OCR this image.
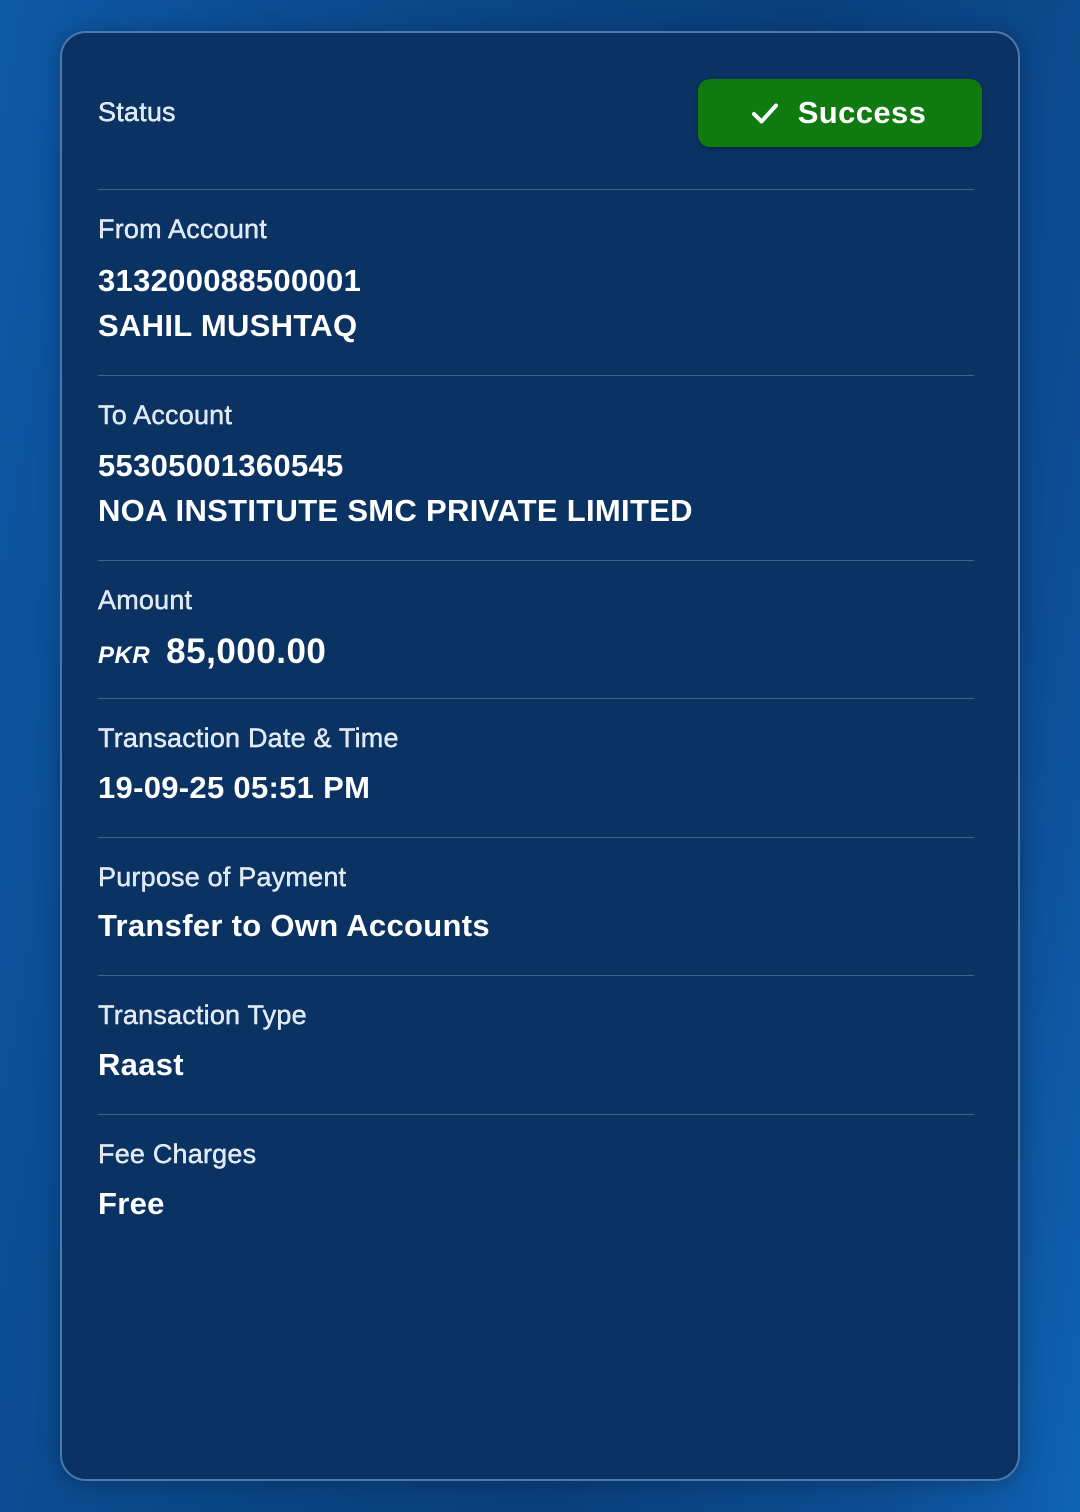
Status	Success
From Account
313200088500001
SAHIL MUSHTAQ
To Account
55305001360545
NOA INSTITUTE SMC PRIVATE LIMITED
Amount
PKR 85,000.00
Transaction Date & Time
19-09-25 05:51 PM
Purpose of Payment
Transfer to Own Accounts
Transaction Type
Raast
Fee Charges
Free
